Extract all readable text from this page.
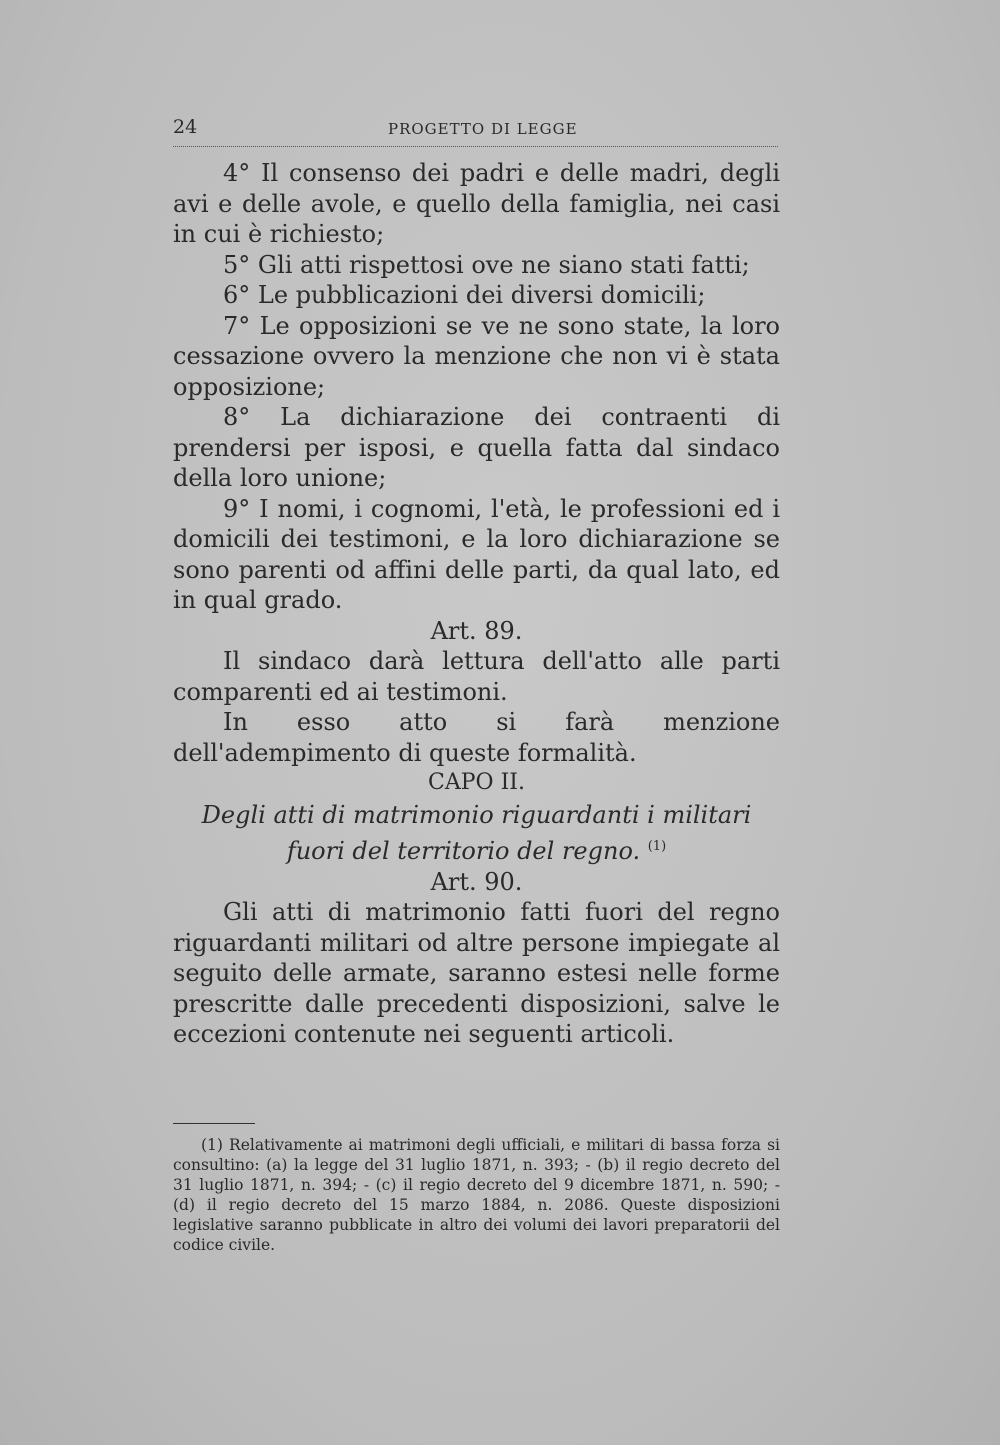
24	PROGETTO DI LEGGE

4° Il consenso dei padri e delle madri, degli avi e delle avole, e quello della famiglia, nei casi in cui è richiesto;

5° Gli atti rispettosi ove ne siano stati fatti;

6° Le pubblicazioni dei diversi domicili;

7° Le opposizioni se ve ne sono state, la loro cessazione ovvero la menzione che non vi è stata opposizione;

8° La dichiarazione dei contraenti di prendersi per isposi, e quella fatta dal sindaco della loro unione;

9° I nomi, i cognomi, l'età, le professioni ed i domicili dei testimoni, e la loro dichiarazione se sono parenti od affini delle parti, da qual lato, ed in qual grado.

Art. 89.

Il sindaco darà lettura dell'atto alle parti comparenti ed ai testimoni.

In esso atto si farà menzione dell'adempimento di queste formalità.

CAPO II.

Degli atti di matrimonio riguardanti i militari
fuori del territorio del regno. $^{(1)}$

Art. 90.

Gli atti di matrimonio fatti fuori del regno riguardanti militari od altre persone impiegate al seguito delle armate, saranno estesi nelle forme prescritte dalle precedenti disposizioni, salve le eccezioni contenute nei seguenti articoli.

(1) Relativamente ai matrimoni degli ufficiali, e militari di bassa forza si consultino: (a) la legge del 31 luglio 1871, n. 393; - (b) il regio decreto del 31 luglio 1871, n. 394; - (c) il regio decreto del 9 dicembre 1871, n. 590; - (d) il regio decreto del 15 marzo 1884, n. 2086. Queste disposizioni legislative saranno pubblicate in altro dei volumi dei lavori preparatorii del codice civile.
